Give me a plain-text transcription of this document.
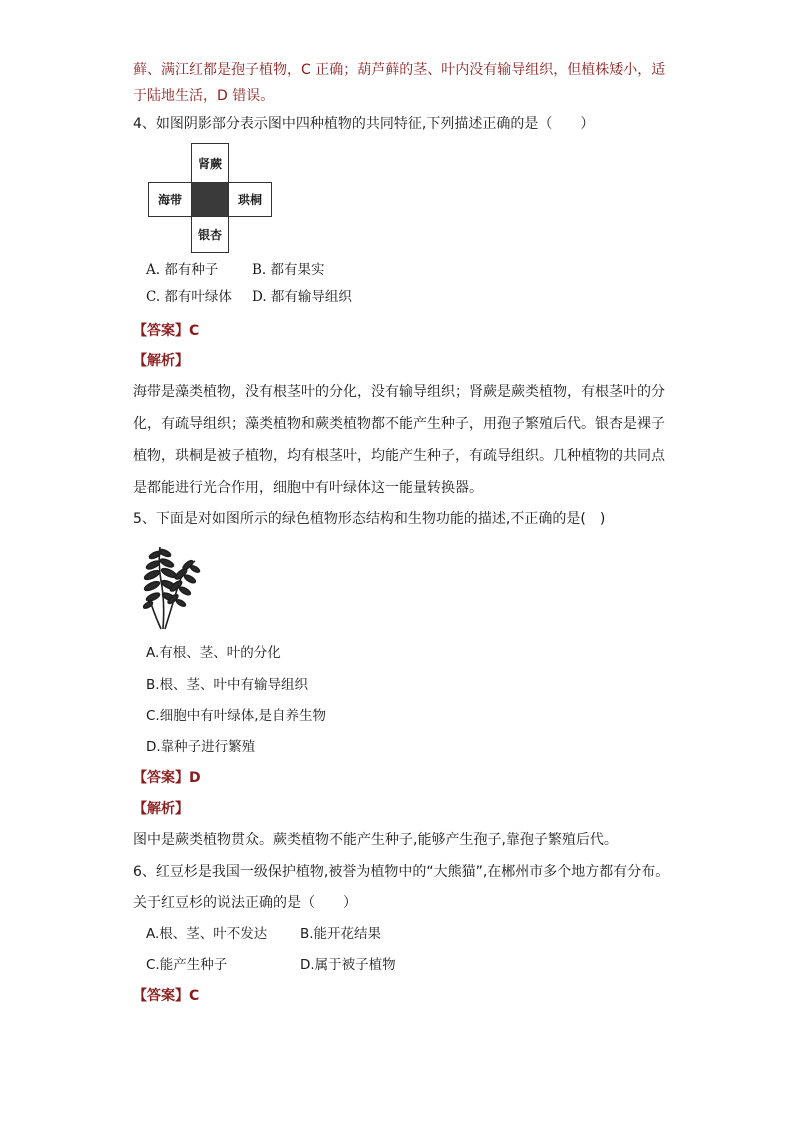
藓、满江红都是孢子植物，C 正确；葫芦藓的茎、叶内没有输导组织，但植株矮小，适
于陆地生活，D 错误。
4、如图阴影部分表示图中四种植物的共同特征,下列描述正确的是（　　）
肾蕨
海带	珙桐
银杏
A. 都有种子 B. 都有果实
C. 都有叶绿体 D. 都有输导组织
【答案】C
【解析】
海带是藻类植物，没有根茎叶的分化，没有输导组织；肾蕨是蕨类植物，有根茎叶的分
化，有疏导组织；藻类植物和蕨类植物都不能产生种子，用孢子繁殖后代。银杏是裸子
植物，珙桐是被子植物，均有根茎叶，均能产生种子，有疏导组织。几种植物的共同点
是都能进行光合作用，细胞中有叶绿体这一能量转换器。
5、下面是对如图所示的绿色植物形态结构和生物功能的描述,不正确的是(　)
A.有根、茎、叶的分化
B.根、茎、叶中有输导组织
C.细胞中有叶绿体,是自养生物
D.靠种子进行繁殖
【答案】D
【解析】
图中是蕨类植物贯众。蕨类植物不能产生种子,能够产生孢子,靠孢子繁殖后代。
6、红豆杉是我国一级保护植物,被誉为植物中的“大熊猫”,在郴州市多个地方都有分布。
关于红豆杉的说法正确的是（　　）
A.根、茎、叶不发达 B.能开花结果
C.能产生种子	D.属于被子植物
【答案】C
